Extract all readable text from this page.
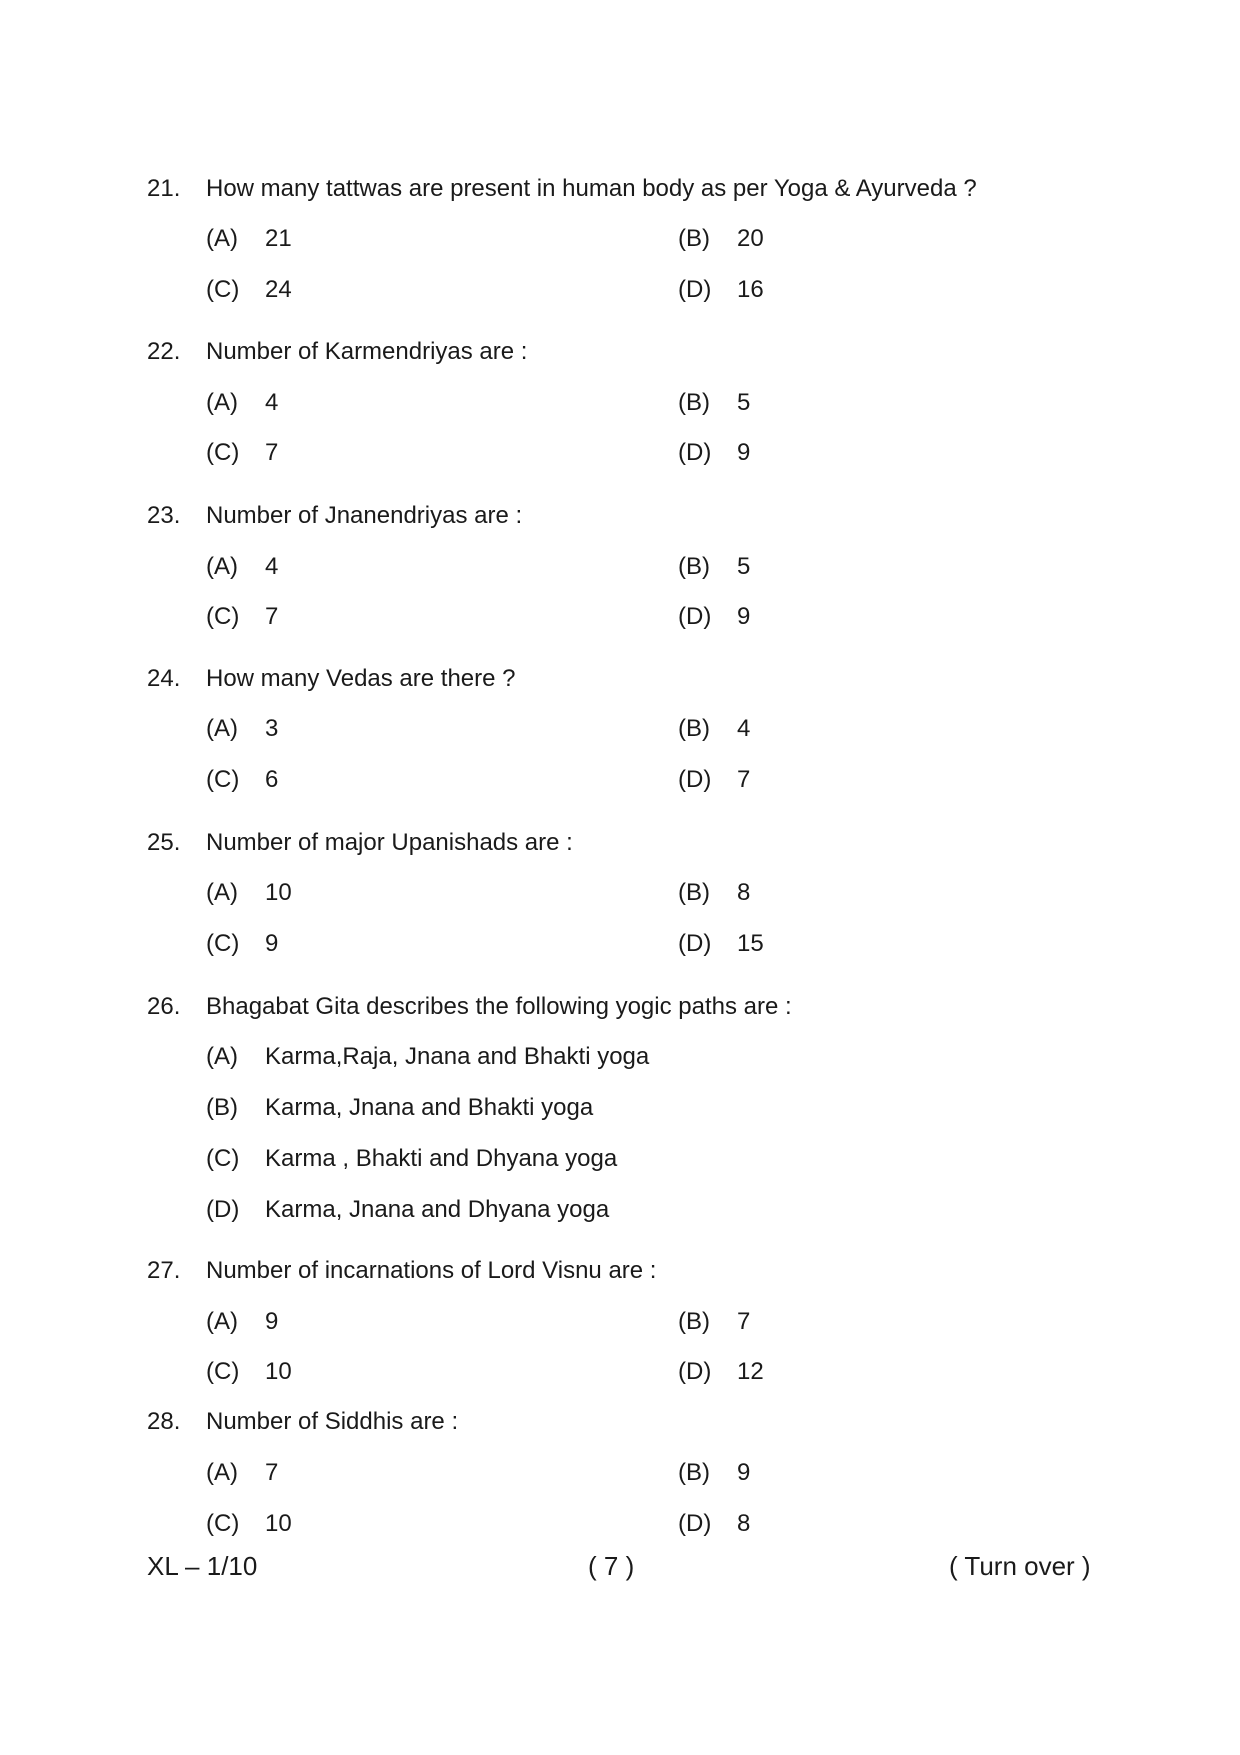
21. How many tattwas are present in human body as per Yoga & Ayurveda ?
(A) 21	(B) 20
(C) 24	(D) 16
22. Number of Karmendriyas are :
(A) 4	(B) 5
(C) 7	(D) 9
23. Number of Jnanendriyas are :
(A) 4	(B) 5
(C) 7	(D) 9
24. How many Vedas are there ?
(A) 3	(B) 4
(C) 6	(D) 7
25. Number of major Upanishads are :
(A) 10	(B) 8
(C) 9	(D) 15
26. Bhagabat Gita describes the following yogic paths are :
(A) Karma,Raja, Jnana and Bhakti yoga
(B) Karma, Jnana and Bhakti yoga
(C) Karma , Bhakti and Dhyana yoga
(D) Karma, Jnana and Dhyana yoga
27. Number of incarnations of Lord Visnu are :
(A) 9	(B) 7
(C) 10	(D) 12
28. Number of Siddhis are :
(A) 7	(B) 9
(C) 10	(D) 8
XL – 1/10	( 7 )	( Turn over )
